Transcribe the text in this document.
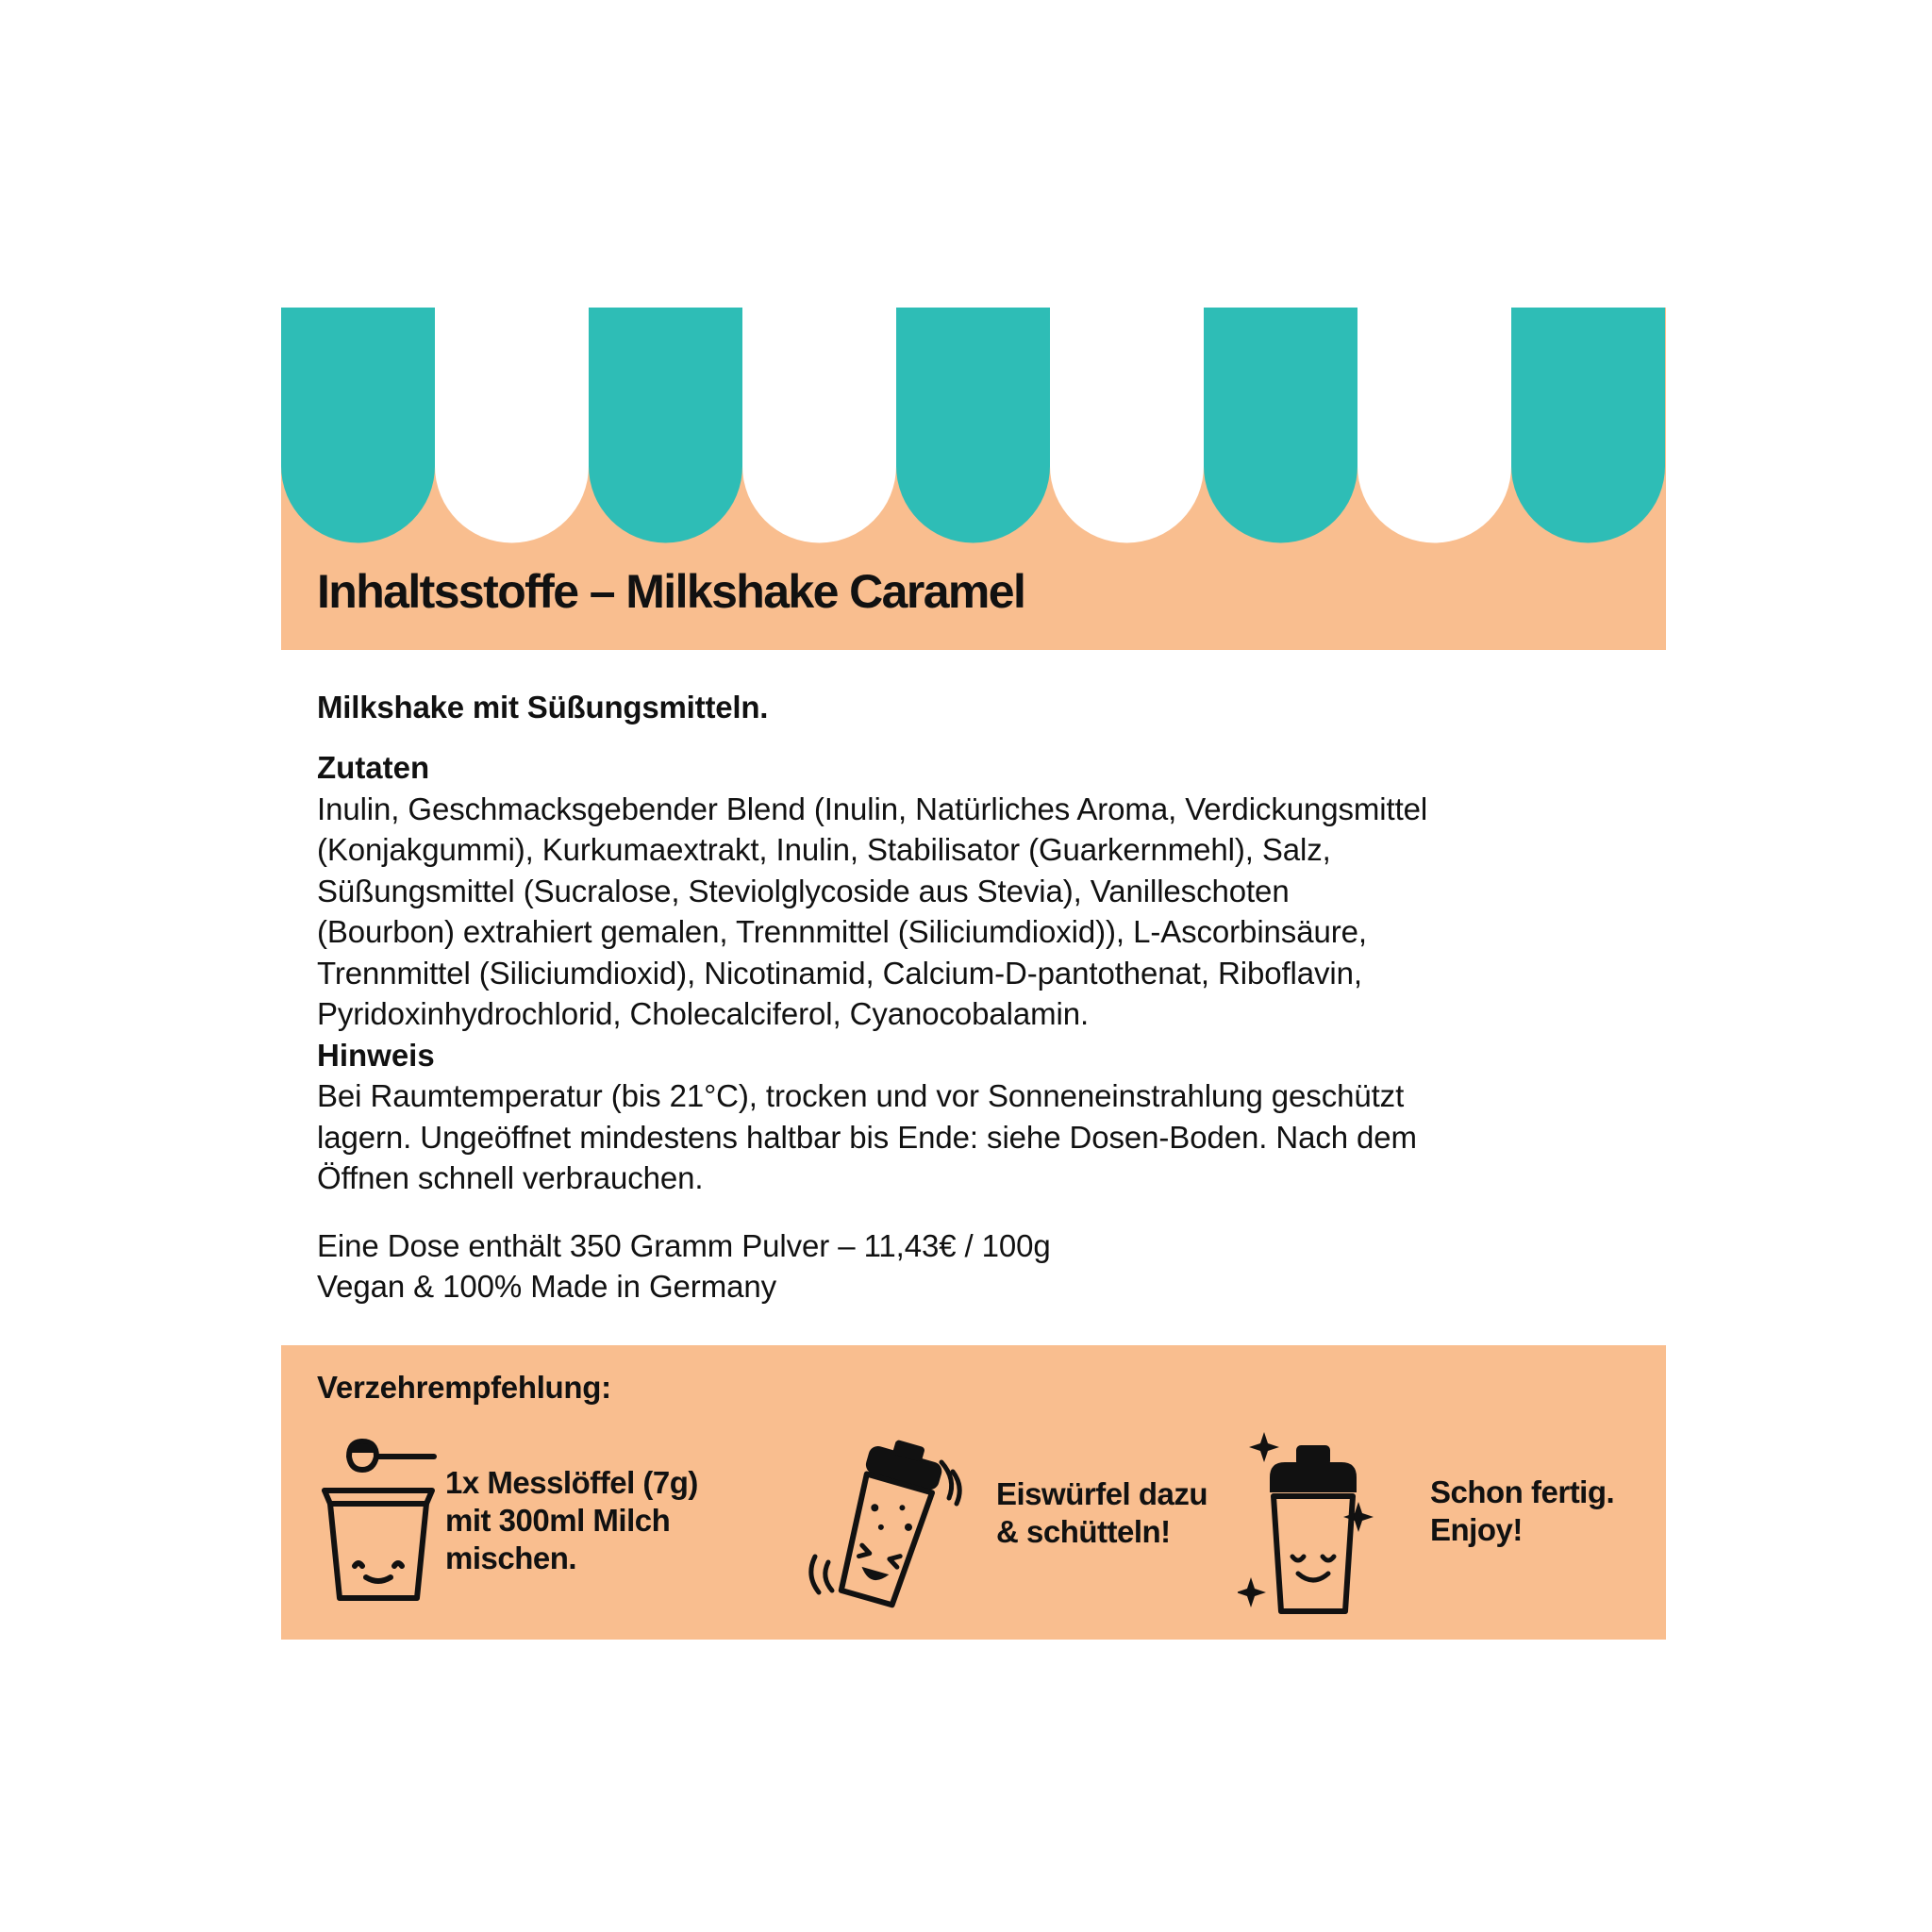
Inhaltsstoffe – Milkshake Caramel

Milkshake mit Süßungsmitteln.

Zutaten

Inulin, Geschmacksgebender Blend (Inulin, Natürliches Aroma, Verdickungsmittel

(Konjakgummi), Kurkumaextrakt, Inulin, Stabilisator (Guarkernmehl), Salz,

Süßungsmittel (Sucralose, Steviolglycoside aus Stevia), Vanilleschoten

(Bourbon) extrahiert gemalen, Trennmittel (Siliciumdioxid)), L-Ascorbinsäure,

Trennmittel (Siliciumdioxid), Nicotinamid, Calcium-D-pantothenat, Riboflavin,

Pyridoxinhydrochlorid, Cholecalciferol, Cyanocobalamin.

Hinweis

Bei Raumtemperatur (bis 21°C), trocken und vor Sonneneinstrahlung geschützt

lagern. Ungeöffnet mindestens haltbar bis Ende: siehe Dosen-Boden. Nach dem

Öffnen schnell verbrauchen.

Eine Dose enthält 350 Gramm Pulver – 11,43€ / 100g

Vegan & 100% Made in Germany

Verzehrempfehlung:

1x Messlöffel (7g)
mit 300ml Milch
mischen.

Eiswürfel dazu
& schütteln!

Schon fertig.
Enjoy!
